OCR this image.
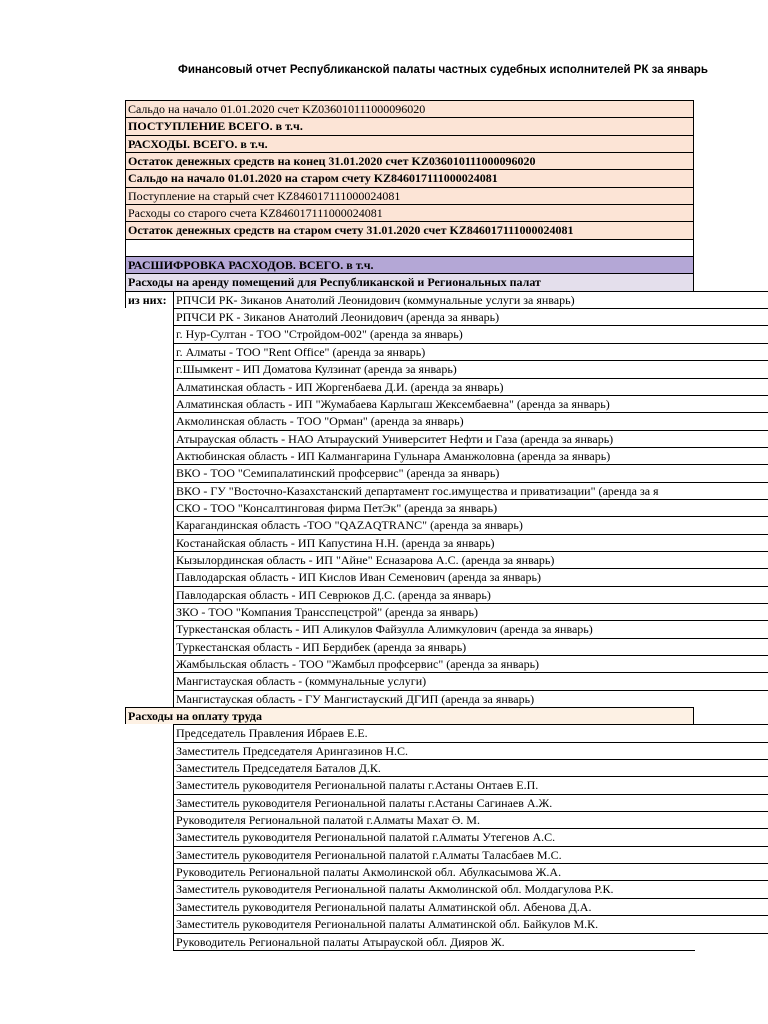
Финансовый отчет Республиканской палаты частных судебных исполнителей РК за январь
Сальдо на начало 01.01.2020 счет KZ036010111000096020
ПОСТУПЛЕНИЕ ВСЕГО. в т.ч.
РАСХОДЫ. ВСЕГО. в т.ч.
Остаток денежных средств на конец 31.01.2020 счет KZ036010111000096020
Сальдо на начало 01.01.2020 на старом счету KZ846017111000024081
Поступление на старый счет KZ846017111000024081
Расходы со старого счета KZ846017111000024081
Остаток денежных средств на старом счету 31.01.2020 счет KZ846017111000024081
РАСШИФРОВКА РАСХОДОВ. ВСЕГО. в т.ч.
Расходы на аренду помещений для Республиканской и Региональных палат
из них: РПЧСИ РК- Зиканов Анатолий Леонидович (коммунальные услуги за январь)
РПЧСИ РК - Зиканов Анатолий Леонидович (аренда за январь)
г. Нур-Султан - ТОО "Стройдом-002" (аренда за январь)
г. Алматы - ТОО "Rent Office" (аренда за январь)
г.Шымкент - ИП Доматова Кулзинат (аренда за январь)
Алматинская область - ИП Жоргенбаева Д.И. (аренда за январь)
Алматинская область - ИП "Жумабаева Карлыгаш Жексембаевна" (аренда за январь)
Акмолинская область - ТОО "Орман" (аренда за январь)
Атырауская область - НАО Атырауский Университет Нефти и Газа (аренда за январь)
Актюбинская область - ИП Калмангарина Гульнара Аманжоловна (аренда за январь)
ВКО - ТОО "Семипалатинский профсервис" (аренда за январь)
ВКО - ГУ "Восточно-Казахстанский департамент гос.имущества и приватизации" (аренда за я
СКО - ТОО "Консалтинговая фирма ПетЭк" (аренда за январь)
Карагандинская область -ТОО "QAZAQTRANC" (аренда за январь)
Костанайская область - ИП Капустина Н.Н. (аренда за январь)
Кызылординская область - ИП "Айне" Есназарова А.С. (аренда за январь)
Павлодарская область - ИП Кислов Иван Семенович (аренда за январь)
Павлодарская область - ИП Севрюков Д.С. (аренда за январь)
ЗКО - ТОО "Компания Трансспецстрой" (аренда за январь)
Туркестанская область - ИП Аликулов Файзулла Алимкулович (аренда за январь)
Туркестанская область - ИП Бердибек (аренда за январь)
Жамбыльская область - ТОО "Жамбыл профсервис" (аренда за январь)
Мангистауская область - (коммунальные услуги)
Мангистауская область - ГУ Мангистауский ДГИП (аренда за январь)
Расходы на оплату труда
Председатель Правления Ибраев Е.Е.
Заместитель Председателя Арингазинов Н.С.
Заместитель Председателя Баталов Д.К.
Заместитель руководителя Региональной палаты г.Астаны Онтаев Е.П.
Заместитель руководителя Региональной палаты г.Астаны Сагинаев А.Ж.
Руководителя Региональной палатой г.Алматы Махат Ә. М.
Заместитель руководителя Региональной палатой г.Алматы Утегенов А.С.
Заместитель руководителя Региональной палатой г.Алматы Таласбаев М.С.
Руководитель Региональной палаты Акмолинской обл. Абулкасымова Ж.А.
Заместитель руководителя Региональной палаты Акмолинской обл. Молдагулова Р.К.
Заместитель руководителя Региональной палаты Алматинской обл. Абенова Д.А.
Заместитель руководителя Региональной палаты Алматинской обл. Байкулов М.К.
Руководитель Региональной палаты Атырауской обл. Дияров Ж.
